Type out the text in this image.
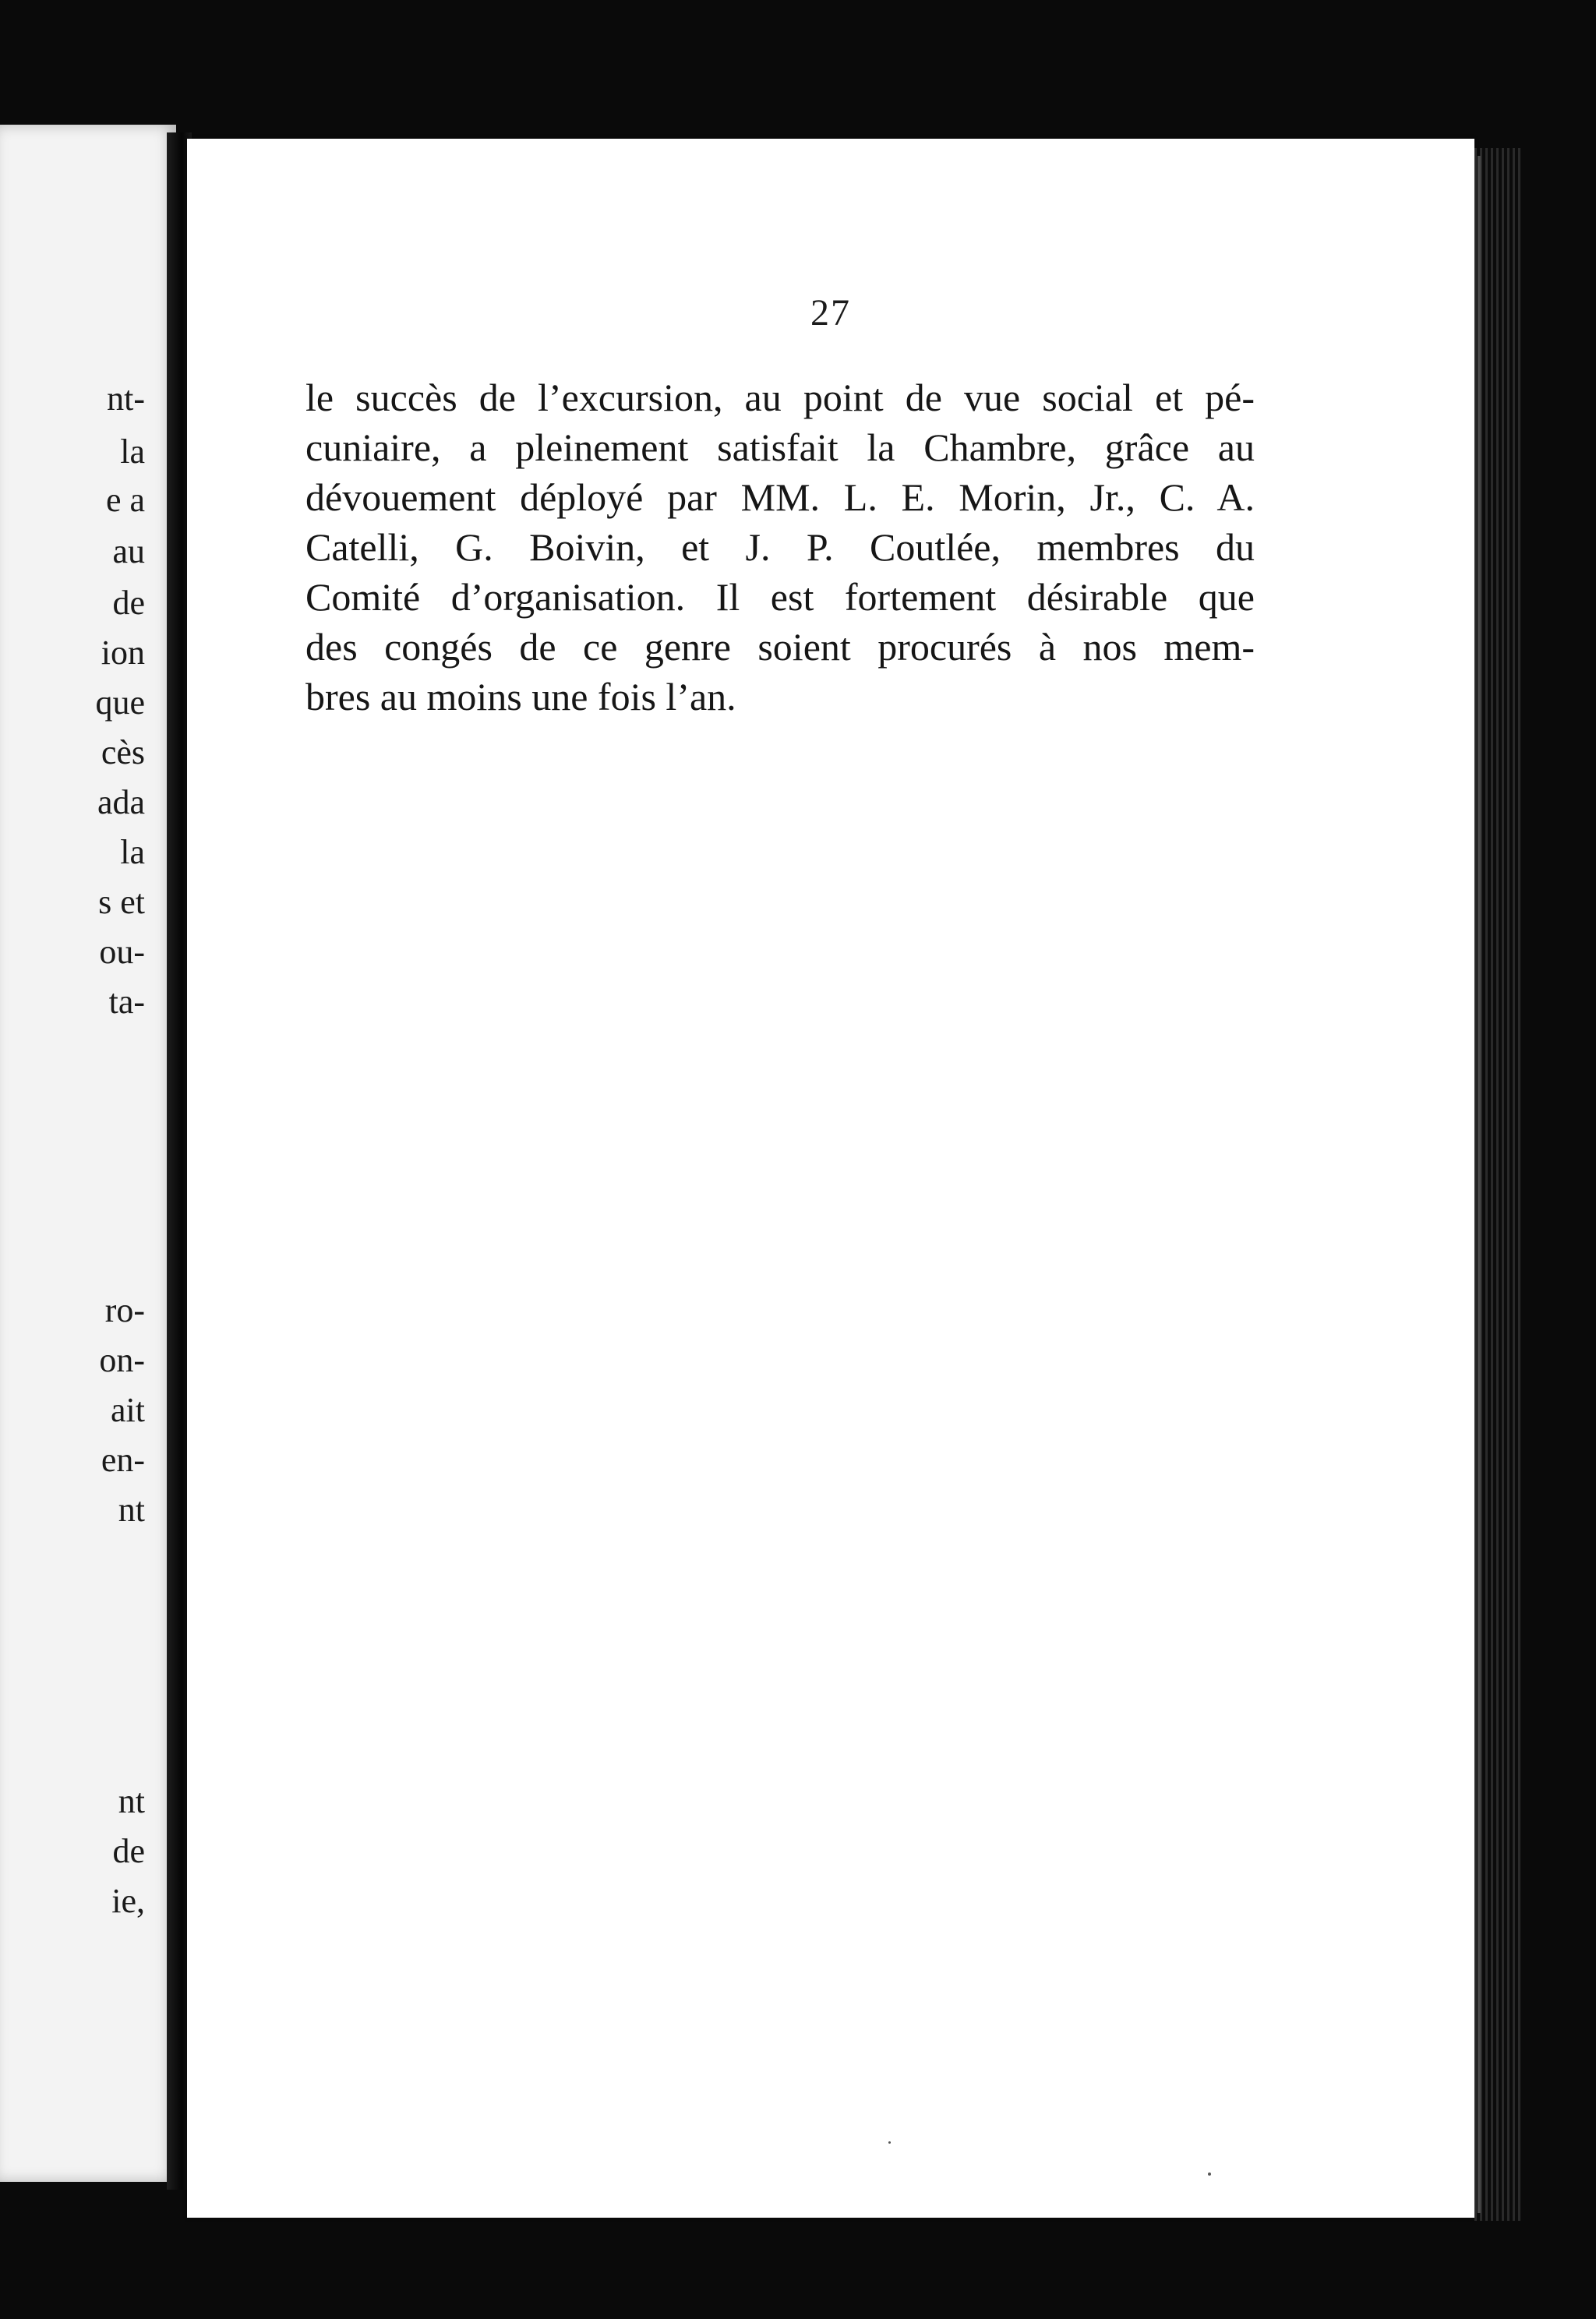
nt-
la
e a
au
de
ion
que
cès
ada
la
s et
ou-
ta-
ro-
on-
ait
en-
nt
nt
de
ie,
27
le succès de l’excursion, au point de vue social et pé-
cuniaire, a pleinement satisfait la Chambre, grâce au
dévouement déployé par MM. L. E. Morin, Jr., C. A.
Catelli, G. Boivin, et J. P. Coutlée, membres du
Comité d’organisation. Il est fortement désirable que
des congés de ce genre soient procurés à nos mem-
bres au moins une fois l’an.
